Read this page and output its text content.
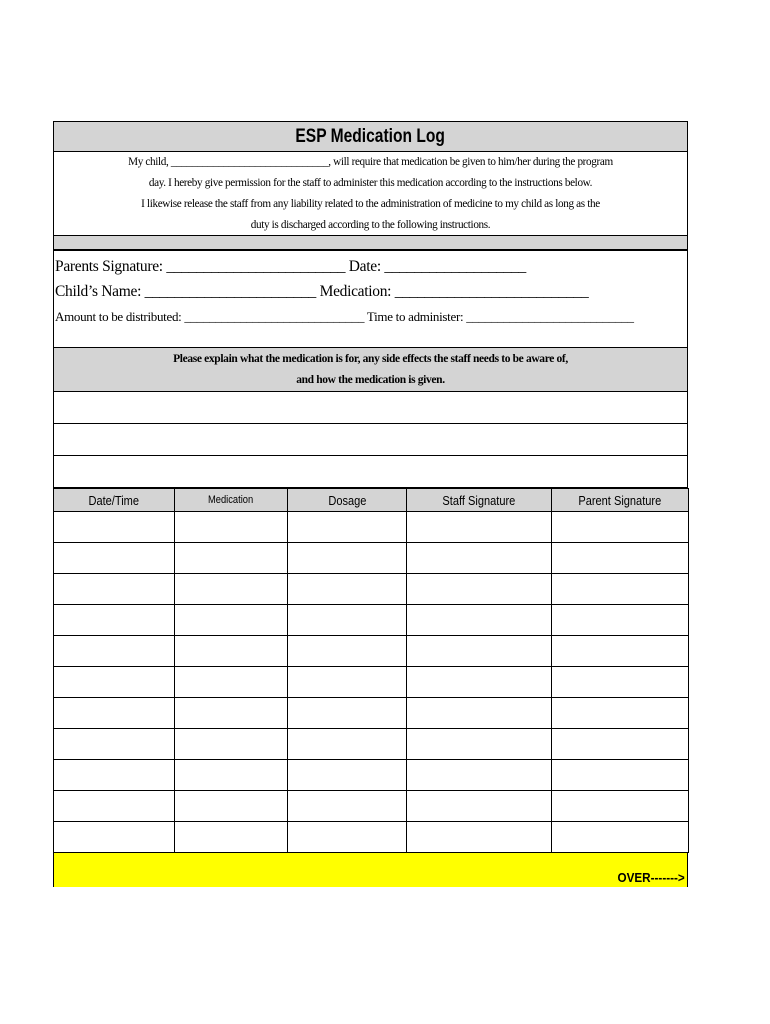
ESP Medication Log

My child, ______________________________, will require that medication be given to him/her during the program

day. I hereby give permission for the staff to administer this medication according to the instructions below.

I likewise release the staff from any liability related to the administration of medicine to my child as long as the

duty is discharged according to the following instructions.

Parents Signature: ________________________ Date: ___________________
Child’s Name: _______________________ Medication: __________________________
Amount to be distributed: _____________________________ Time to administer: ___________________________

Please explain what the medication is for, any side effects the staff needs to be aware of,

and how the medication is given.

Date/Time	Medication	Dosage	Staff Signature	Parent Signature

OVER------->
